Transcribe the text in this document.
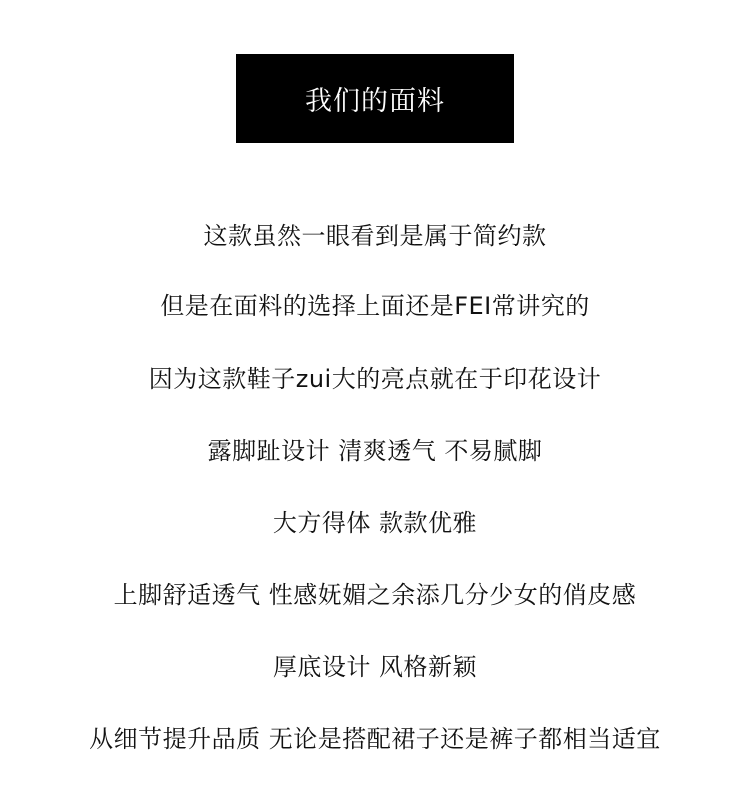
我们的面料
这款虽然一眼看到是属于简约款
但是在面料的选择上面还是FEI常讲究的
因为这款鞋子zui大的亮点就在于印花设计
露脚趾设计 清爽透气 不易腻脚
大方得体 款款优雅
上脚舒适透气 性感妩媚之余添几分少女的俏皮感
厚底设计 风格新颖
从细节提升品质 无论是搭配裙子还是裤子都相当适宜
